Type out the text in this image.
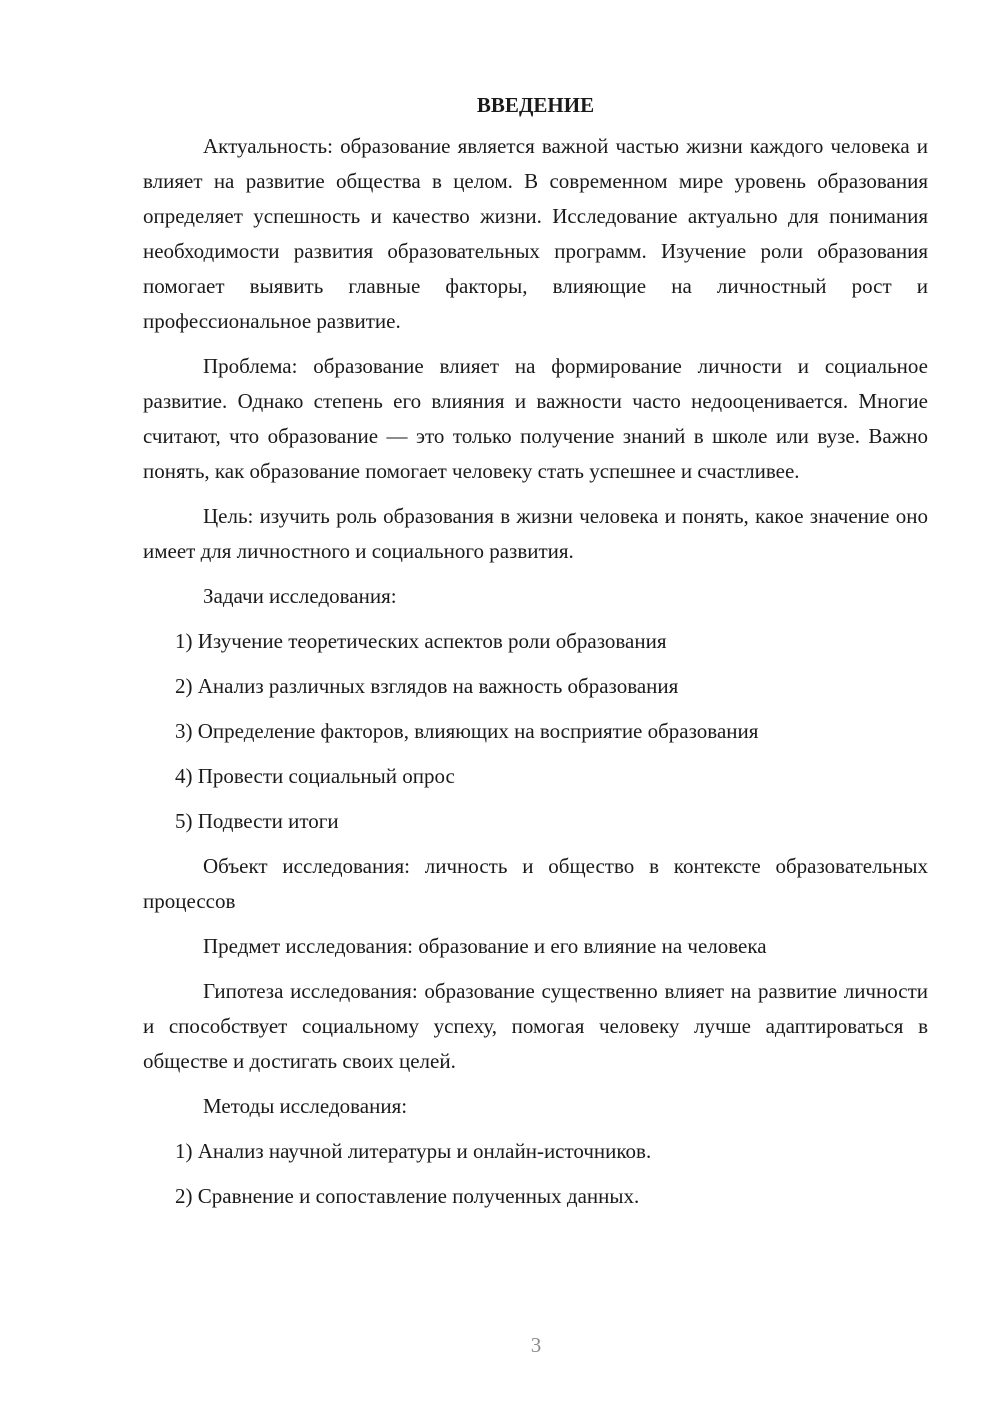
ВВЕДЕНИЕ

Актуальность: образование является важной частью жизни каждого человека и влияет на развитие общества в целом. В современном мире уровень образования определяет успешность и качество жизни. Исследование актуально для понимания необходимости развития образовательных программ. Изучение роли образования помогает выявить главные факторы, влияющие на личностный рост и профессиональное развитие.

Проблема: образование влияет на формирование личности и социальное развитие. Однако степень его влияния и важности часто недооценивается. Многие считают, что образование — это только получение знаний в школе или вузе. Важно понять, как образование помогает человеку стать успешнее и счастливее.

Цель: изучить роль образования в жизни человека и понять, какое значение оно имеет для личностного и социального развития.

Задачи исследования:

1) Изучение теоретических аспектов роли образования
2) Анализ различных взглядов на важность образования
3) Определение факторов, влияющих на восприятие образования
4) Провести социальный опрос
5) Подвести итоги

Объект исследования: личность и общество в контексте образовательных процессов

Предмет исследования: образование и его влияние на человека

Гипотеза исследования: образование существенно влияет на развитие личности и способствует социальному успеху, помогая человеку лучше адаптироваться в обществе и достигать своих целей.

Методы исследования:

1) Анализ научной литературы и онлайн-источников.
2) Сравнение и сопоставление полученных данных.
3
